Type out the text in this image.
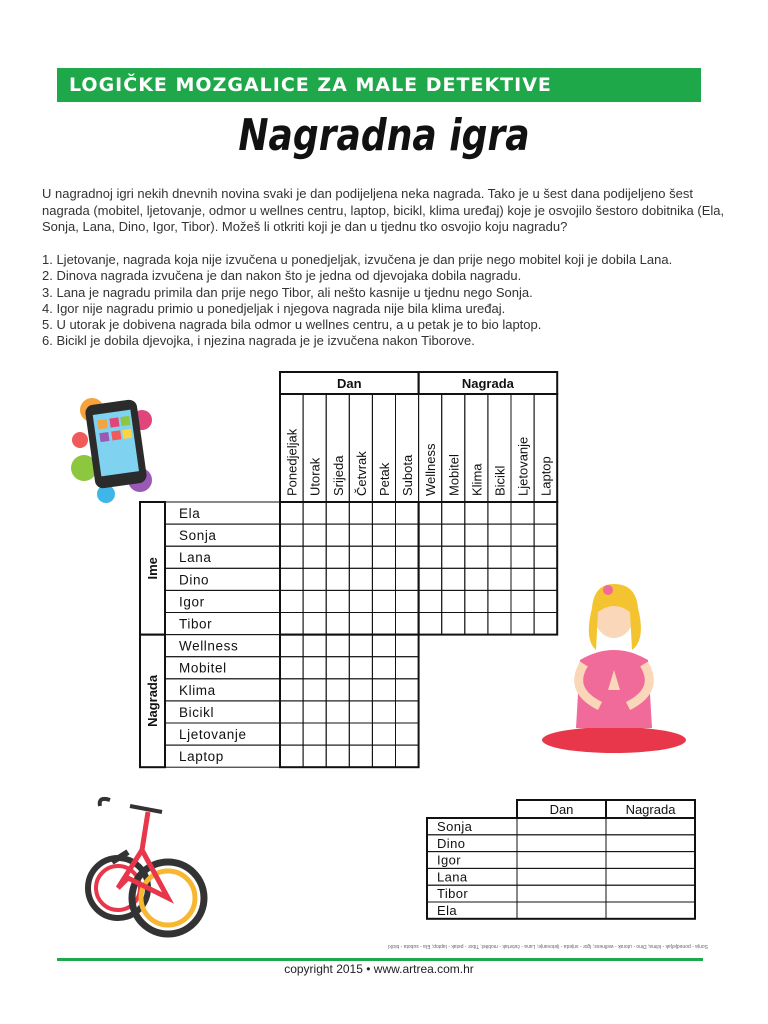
LOGIČKE MOZGALICE ZA MALE DETEKTIVE
Nagradna igra
U nagradnoj igri nekih dnevnih novina svaki je dan podijeljena neka nagrada. Tako je u šest dana podijeljeno šest nagrada (mobitel, ljetovanje, odmor u wellnes centru, laptop, bicikl, klima uređaj) koje je osvojilo šestoro dobitnika (Ela, Sonja, Lana, Dino, Igor, Tibor). Možeš li otkriti koji je dan u tjednu tko osvojio koju nagradu?
1. Ljetovanje, nagrada koja nije izvučena u ponedjeljak, izvučena je dan prije nego mobitel koji je dobila Lana.
2. Dinova nagrada izvučena je dan nakon što je jedna od djevojaka dobila nagradu.
3. Lana je nagradu primila dan prije nego Tibor, ali nešto kasnije u tjednu nego Sonja.
4. Igor nije nagradu primio u ponedjeljak i njegova nagrada nije bila klima uređaj.
5. U utorak je dobivena nagrada bila odmor u wellnes centru, a u petak je to bio laptop.
6. Bicikl je dobila djevojka, i njezina nagrada je je izvučena nakon Tiborove.
Dan	Nagrada
Ponedjeljak Utorak Srijeda Četvrak Petak Subota Wellness Mobitel Klima Bicikl Ljetovanje Laptop
Ela
Sonja
Lana
Dino
Igor
Tibor
Wellness
Mobitel
Klima
Bicikl
Ljetovanje
Laptop
Ime
Nagrada
Dan	Nagrada
Sonja
Dino
Igor
Lana
Tibor
Ela
Sonja - ponedjeljak - klima; Dino - utorak - wellness; Igor - srijeda - ljetovanje; Lana - četvrtak - mobitel; Tibor - petak - laptop; Ela - subota - bicikl
copyright 2015 • www.artrea.com.hr
